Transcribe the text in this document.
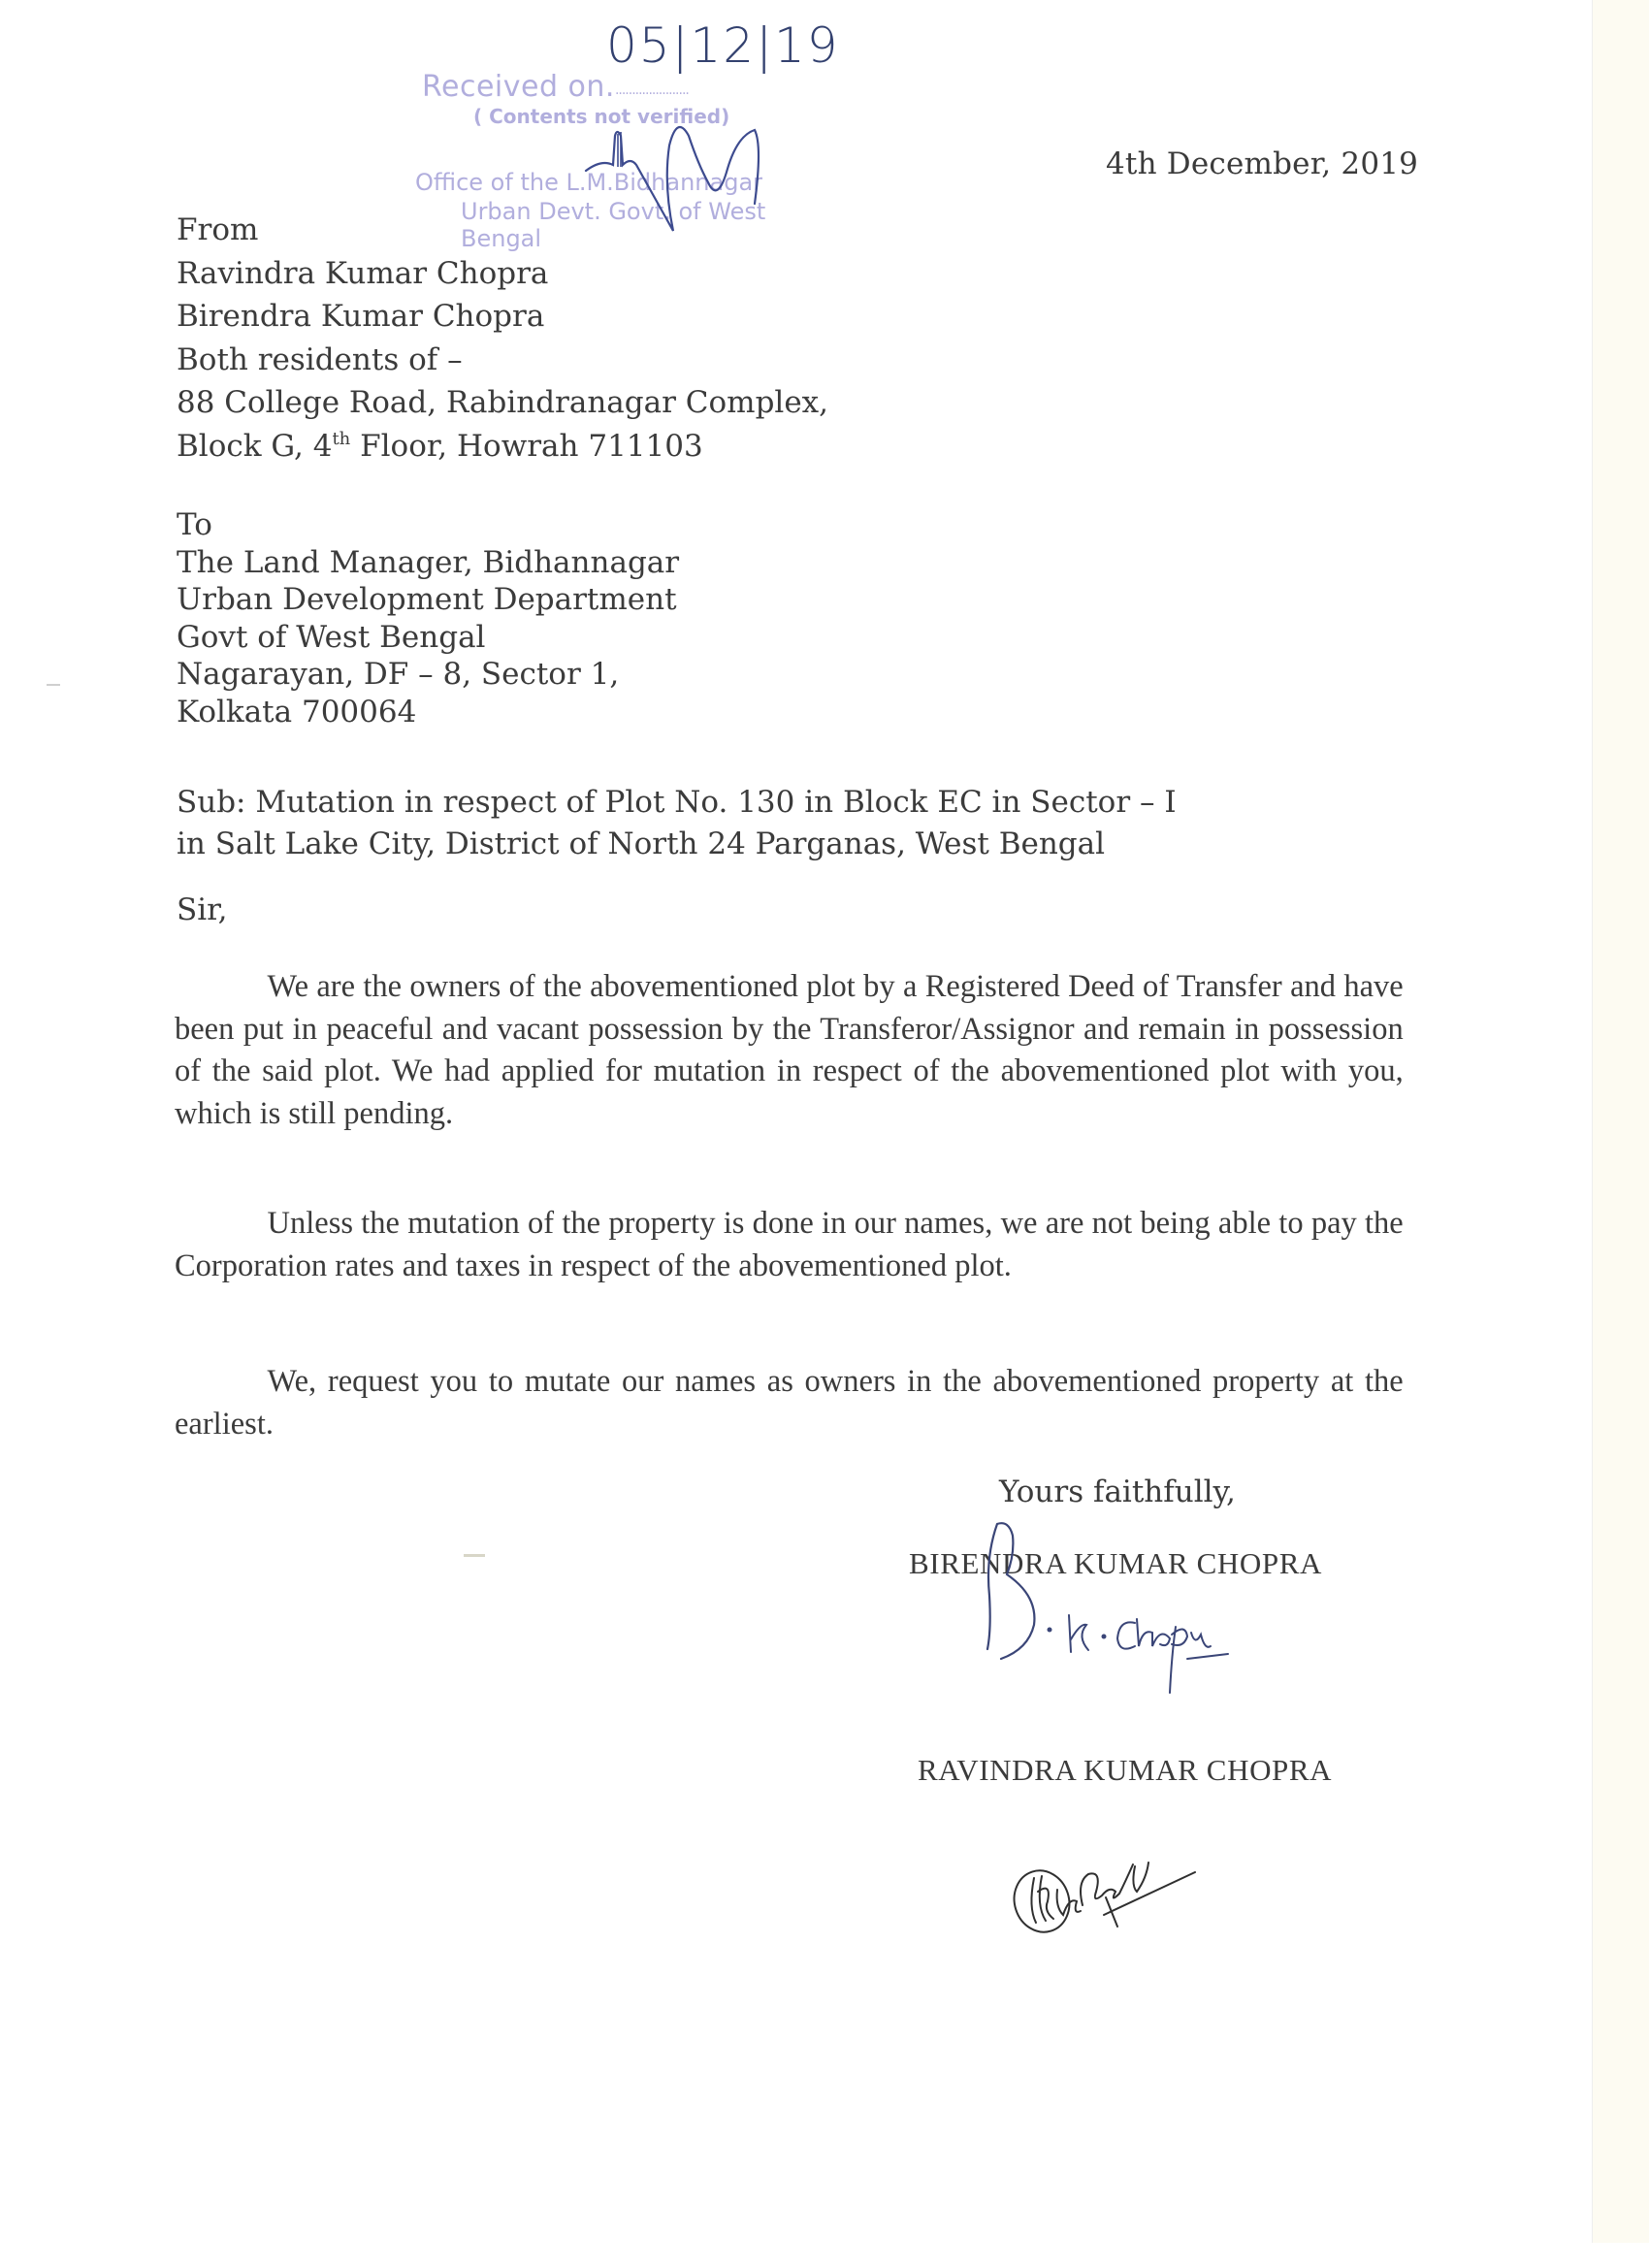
Received on.......................
( Contents not verified)
Office of the L.M.Bidhannagar
Urban Devt. Govt. of West Bengal
05|12|19
4th December, 2019
From
Ravindra Kumar Chopra
Birendra Kumar Chopra
Both residents of –
88 College Road, Rabindranagar Complex,
Block G, 4th Floor, Howrah 711103
To
The Land Manager, Bidhannagar
Urban Development Department
Govt of West Bengal
Nagarayan, DF – 8, Sector 1,
Kolkata 700064
Sub: Mutation in respect of Plot No. 130 in Block EC in Sector – I
in Salt Lake City, District of North 24 Parganas, West Bengal
Sir,
We are the owners of the abovementioned plot by a Registered Deed of Transfer and have been put in peaceful and vacant possession by the Transferor/Assignor and remain in possession of the said plot. We had applied for mutation in respect of the abovementioned plot with you, which is still pending.
Unless the mutation of the property is done in our names, we are not being able to pay the Corporation rates and taxes in respect of the abovementioned plot.
We, request you to mutate our names as owners in the abovementioned property at the earliest.
Yours faithfully,
BIRENDRA KUMAR CHOPRA
RAVINDRA KUMAR CHOPRA
